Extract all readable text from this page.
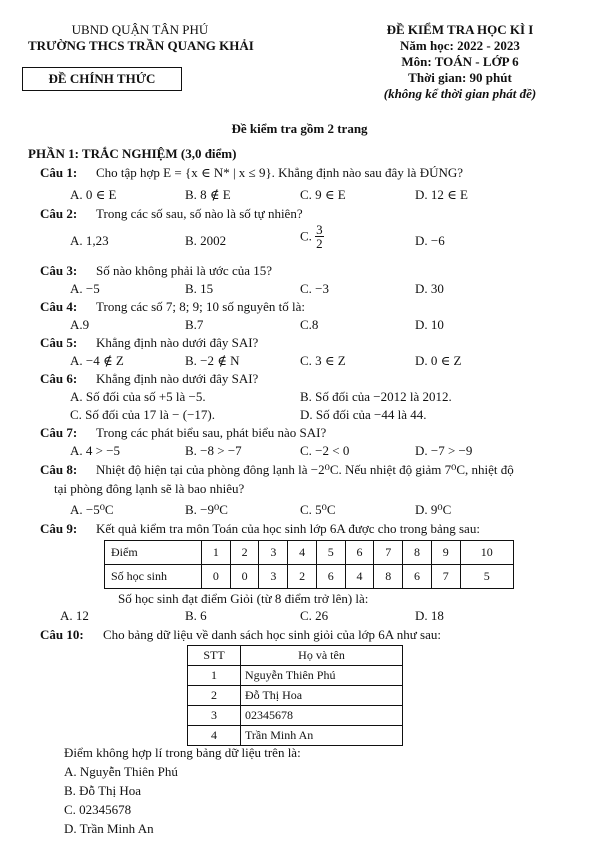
UBND QUẬN TÂN PHÚ
TRƯỜNG THCS TRẦN QUANG KHẢI
ĐỀ CHÍNH THỨC
ĐỀ KIỂM TRA HỌC KÌ I
Năm học: 2022 - 2023
Môn: TOÁN - LỚP 6
Thời gian: 90 phút
(không kể thời gian phát đề)
Đề kiểm tra gồm 2 trang
PHẦN 1: TRẮC NGHIỆM (3,0 điểm)
Câu 1: Cho tập hợp E = {x ∈ N* | x ≤ 9}. Khẳng định nào sau đây là ĐÚNG?
A. 0 ∈ E	B. 8 ∉ E	C. 9 ∈ E	D. 12 ∈ E
Câu 2: Trong các số sau, số nào là số tự nhiên?
A. 1,23	B. 2002	C. $\frac{3}{2}$	D. −6
Câu 3: Số nào không phải là ước của 15?
A. −5	B. 15	C. −3	D. 30
Câu 4: Trong các số 7; 8; 9; 10 số nguyên tố là:
A.9	B.7	C.8	D. 10
Câu 5: Khẳng định nào dưới đây SAI?
A. −4 ∉ Z	B. −2 ∉ N	C. 3 ∈ Z	D. 0 ∈ Z
Câu 6: Khẳng định nào dưới đây SAI?
A. Số đối của số +5 là −5.	B. Số đối của −2012 là 2012.
C. Số đối của 17 là − (−17).	D. Số đối của −44 là 44.
Câu 7: Trong các phát biểu sau, phát biểu nào SAI?
A. 4 > −5	B. −8 > −7	C. −2 < 0	D. −7 > −9
Câu 8: Nhiệt độ hiện tại của phòng đông lạnh là −2⁰C. Nếu nhiệt độ giảm 7⁰C, nhiệt độ
tại phòng đông lạnh sẽ là bao nhiêu?
A. −5⁰C	B. −9⁰C	C. 5⁰C	D. 9⁰C
Câu 9: Kết quả kiểm tra môn Toán của học sinh lớp 6A được cho trong bảng sau:
Điểm	1	2	3	4	5	6	7	8	9	10
Số học sinh	0	0	3	2	6	4	8	6	7	5
Số học sinh đạt điểm Giỏi (từ 8 điểm trở lên) là:
A. 12	B. 6	C. 26	D. 18
Câu 10: Cho bảng dữ liệu về danh sách học sinh giỏi của lớp 6A như sau:
STT	Họ và tên
1	Nguyễn Thiên Phú
2	Đỗ Thị Hoa
3	02345678
4	Trần Minh An
Điểm không hợp lí trong bảng dữ liệu trên là:
A. Nguyễn Thiên Phú
B. Đỗ Thị Hoa
C. 02345678
D. Trần Minh An
